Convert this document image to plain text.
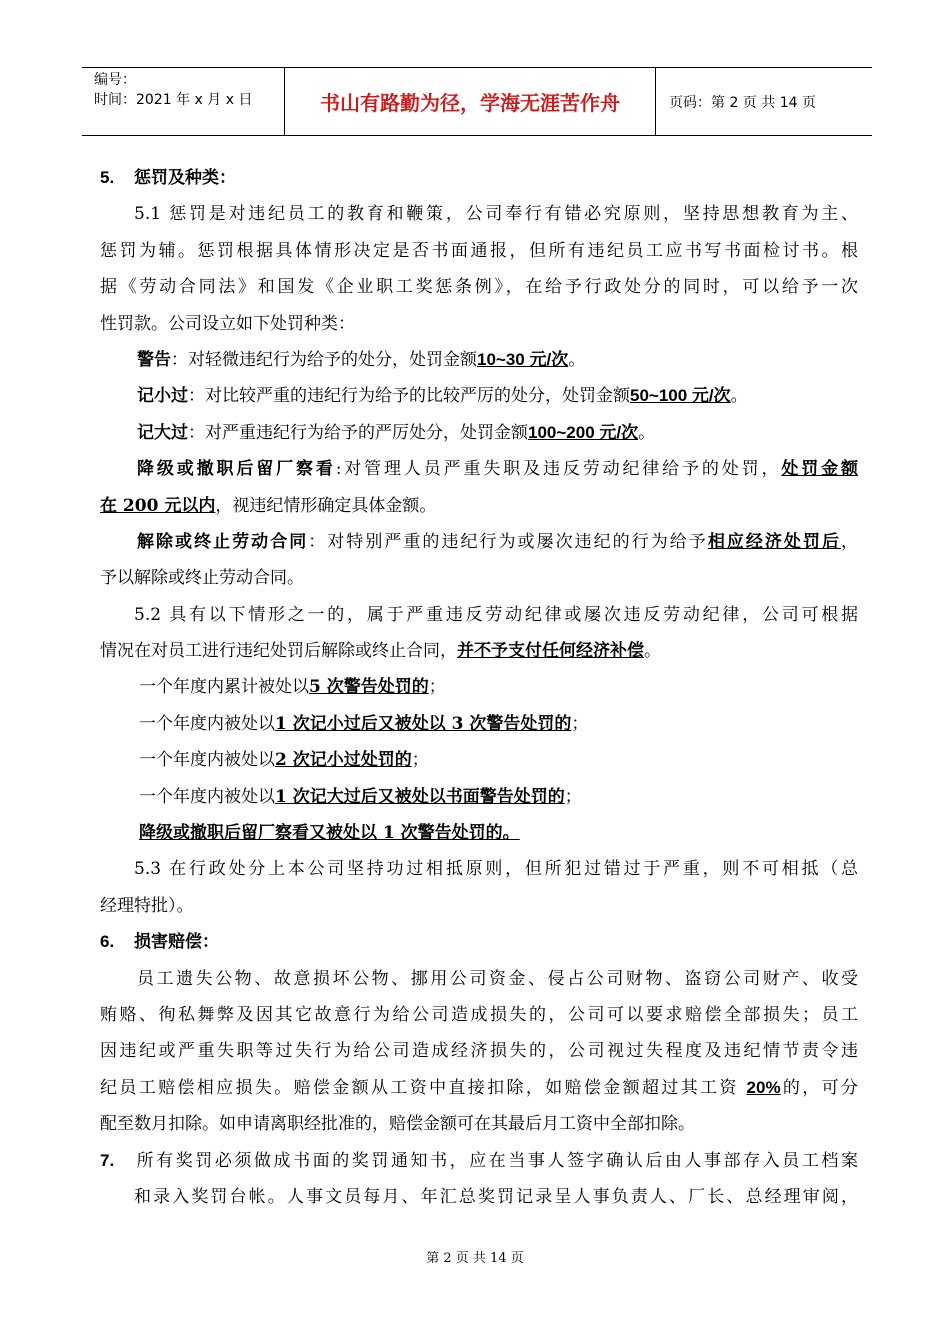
编号：
时间：2021 年 x 月 x 日	书山有路勤为径，学海无涯苦作舟	页码：第 2 页 共 14 页
5. 惩罚及种类：
5.1 惩罚是对违纪员工的教育和鞭策，公司奉行有错必究原则，坚持思想教育为主、
惩罚为辅。惩罚根据具体情形决定是否书面通报，但所有违纪员工应书写书面检讨书。根
据《劳动合同法》和国发《企业职工奖惩条例》，在给予行政处分的同时，可以给予一次
性罚款。公司设立如下处罚种类：
警告：对轻微违纪行为给予的处分，处罚金额10~30 元/次。
记小过：对比较严重的违纪行为给予的比较严厉的处分，处罚金额50~100 元/次。
记大过：对严重违纪行为给予的严厉处分，处罚金额100~200 元/次。
降级或撤职后留厂察看:对管理人员严重失职及违反劳动纪律给予的处罚，处罚金额
在 200 元以内，视违纪情形确定具体金额。
解除或终止劳动合同：对特别严重的违纪行为或屡次违纪的行为给予相应经济处罚后，
予以解除或终止劳动合同。
5.2 具有以下情形之一的，属于严重违反劳动纪律或屡次违反劳动纪律，公司可根据
情况在对员工进行违纪处罚后解除或终止合同，并不予支付任何经济补偿。
一个年度内累计被处以5 次警告处罚的；
一个年度内被处以1 次记小过后又被处以 3 次警告处罚的；
一个年度内被处以2 次记小过处罚的；
一个年度内被处以1 次记大过后又被处以书面警告处罚的；
降级或撤职后留厂察看又被处以 1 次警告处罚的。
5.3 在行政处分上本公司坚持功过相抵原则，但所犯过错过于严重，则不可相抵（总
经理特批）。
6. 损害赔偿：
员工遗失公物、故意损坏公物、挪用公司资金、侵占公司财物、盗窃公司财产、收受
贿赂、徇私舞弊及因其它故意行为给公司造成损失的，公司可以要求赔偿全部损失；员工
因违纪或严重失职等过失行为给公司造成经济损失的，公司视过失程度及违纪情节责令违
纪员工赔偿相应损失。赔偿金额从工资中直接扣除，如赔偿金额超过其工资 20%的，可分
配至数月扣除。如申请离职经批准的，赔偿金额可在其最后月工资中全部扣除。
7. 所有奖罚必须做成书面的奖罚通知书，应在当事人签字确认后由人事部存入员工档案
和录入奖罚台帐。人事文员每月、年汇总奖罚记录呈人事负责人、厂长、总经理审阅，
第 2 页 共 14 页
